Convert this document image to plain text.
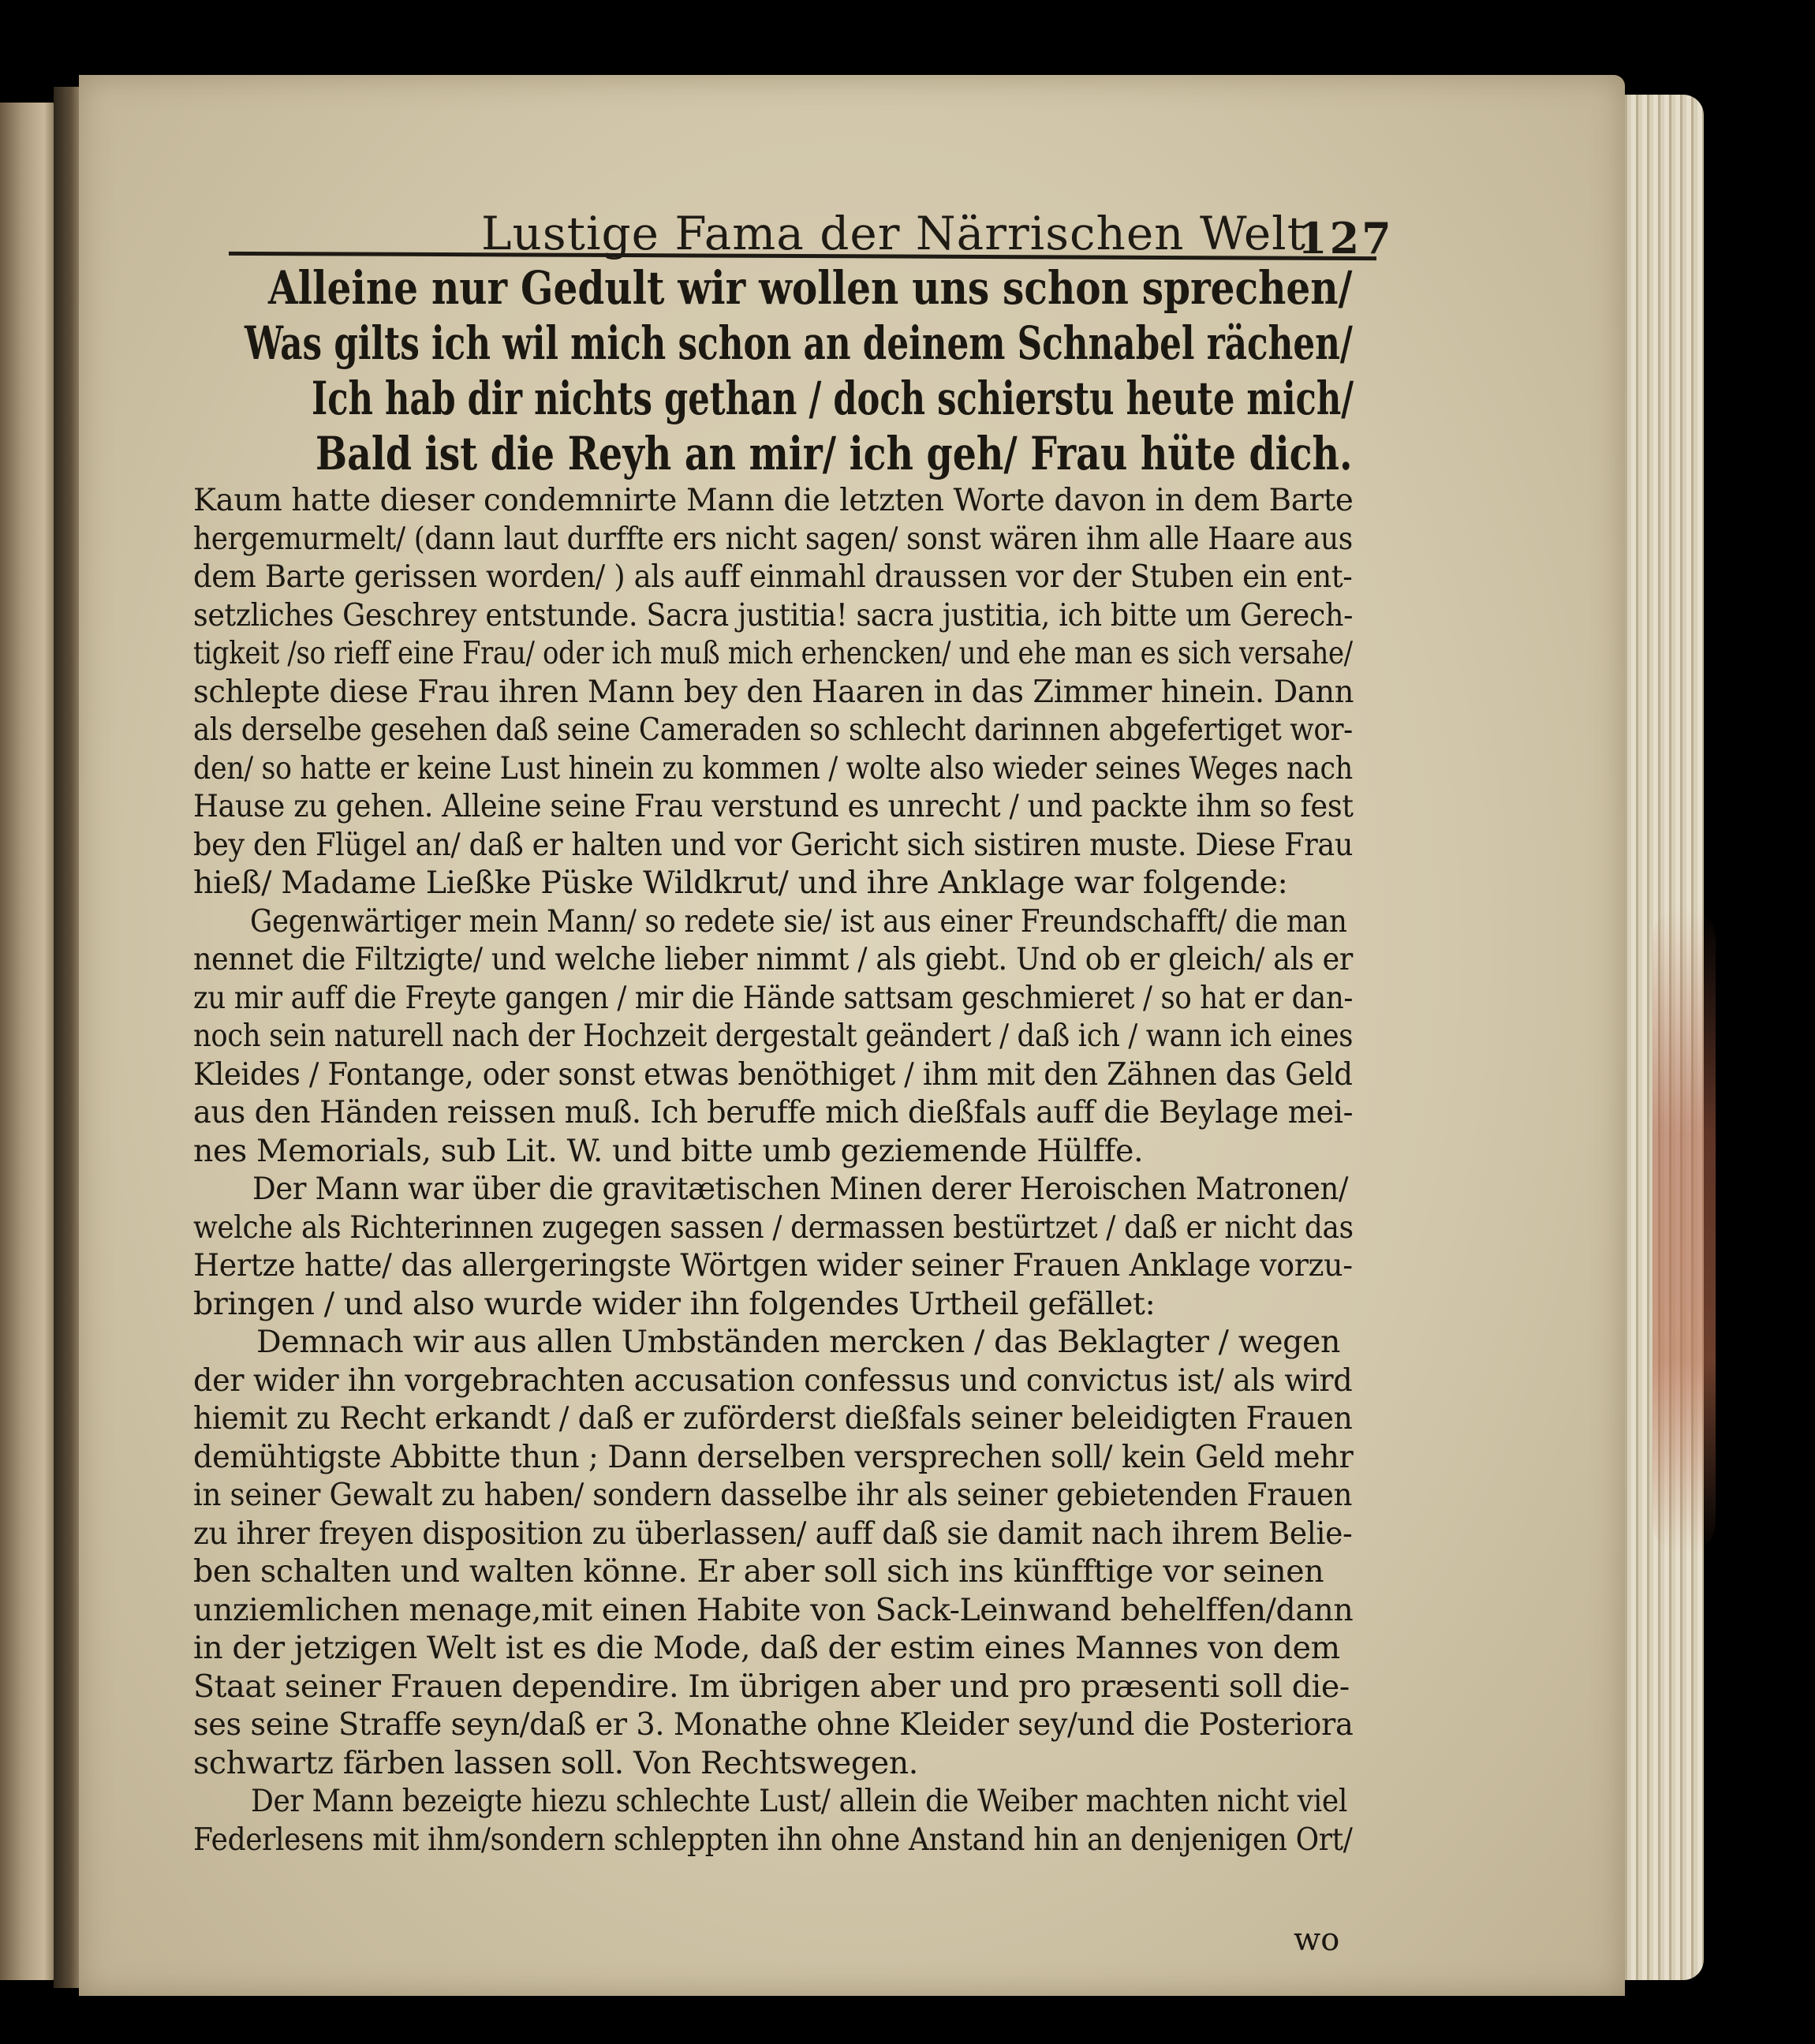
Lustige Fama der Närrischen Welt.
127
Alleine nur Gedult wir wollen uns schon sprechen/
Was gilts ich wil mich schon an deinem Schnabel rächen/
Ich hab dir nichts gethan / doch schierstu heute mich/
Bald ist die Reyh an mir/ ich geh/ Frau hüte dich.
Kaum hatte dieser condemnirte Mann die letzten Worte davon in dem Barte
hergemurmelt/ (dann laut durffte ers nicht sagen/ sonst wären ihm alle Haare aus
dem Barte gerissen worden/ ) als auff einmahl draussen vor der Stuben ein ent-
setzliches Geschrey entstunde. Sacra justitia! sacra justitia, ich bitte um Gerech-
tigkeit /so rieff eine Frau/ oder ich muß mich erhencken/ und ehe man es sich versahe/
schlepte diese Frau ihren Mann bey den Haaren in das Zimmer hinein. Dann
als derselbe gesehen daß seine Cameraden so schlecht darinnen abgefertiget wor-
den/ so hatte er keine Lust hinein zu kommen / wolte also wieder seines Weges nach
Hause zu gehen. Alleine seine Frau verstund es unrecht / und packte ihm so fest
bey den Flügel an/ daß er halten und vor Gericht sich sistiren muste. Diese Frau
hieß/ Madame Ließke Püske Wildkrut/ und ihre Anklage war folgende:
Gegenwärtiger mein Mann/ so redete sie/ ist aus einer Freundschafft/ die man
nennet die Filtzigte/ und welche lieber nimmt / als giebt. Und ob er gleich/ als er
zu mir auff die Freyte gangen / mir die Hände sattsam geschmieret / so hat er dan-
noch sein naturell nach der Hochzeit dergestalt geändert / daß ich / wann ich eines
Kleides / Fontange, oder sonst etwas benöthiget / ihm mit den Zähnen das Geld
aus den Händen reissen muß. Ich beruffe mich dießfals auff die Beylage mei-
nes Memorials, sub Lit. W. und bitte umb geziemende Hülffe.
Der Mann war über die gravitætischen Minen derer Heroischen Matronen/
welche als Richterinnen zugegen sassen / dermassen bestürtzet / daß er nicht das
Hertze hatte/ das allergeringste Wörtgen wider seiner Frauen Anklage vorzu-
bringen / und also wurde wider ihn folgendes Urtheil gefället:
Demnach wir aus allen Umbständen mercken / das Beklagter / wegen
der wider ihn vorgebrachten accusation confessus und convictus ist/ als wird
hiemit zu Recht erkandt / daß er zuförderst dießfals seiner beleidigten Frauen
demühtigste Abbitte thun ; Dann derselben versprechen soll/ kein Geld mehr
in seiner Gewalt zu haben/ sondern dasselbe ihr als seiner gebietenden Frauen
zu ihrer freyen disposition zu überlassen/ auff daß sie damit nach ihrem Belie-
ben schalten und walten könne. Er aber soll sich ins künfftige vor seinen
unziemlichen menage,mit einen Habite von Sack-Leinwand behelffen/dann
in der jetzigen Welt ist es die Mode, daß der estim eines Mannes von dem
Staat seiner Frauen dependire. Im übrigen aber und pro præsenti soll die-
ses seine Straffe seyn/daß er 3. Monathe ohne Kleider sey/und die Posteriora
schwartz färben lassen soll. Von Rechtswegen.
Der Mann bezeigte hiezu schlechte Lust/ allein die Weiber machten nicht viel
Federlesens mit ihm/sondern schleppten ihn ohne Anstand hin an denjenigen Ort/
wo
